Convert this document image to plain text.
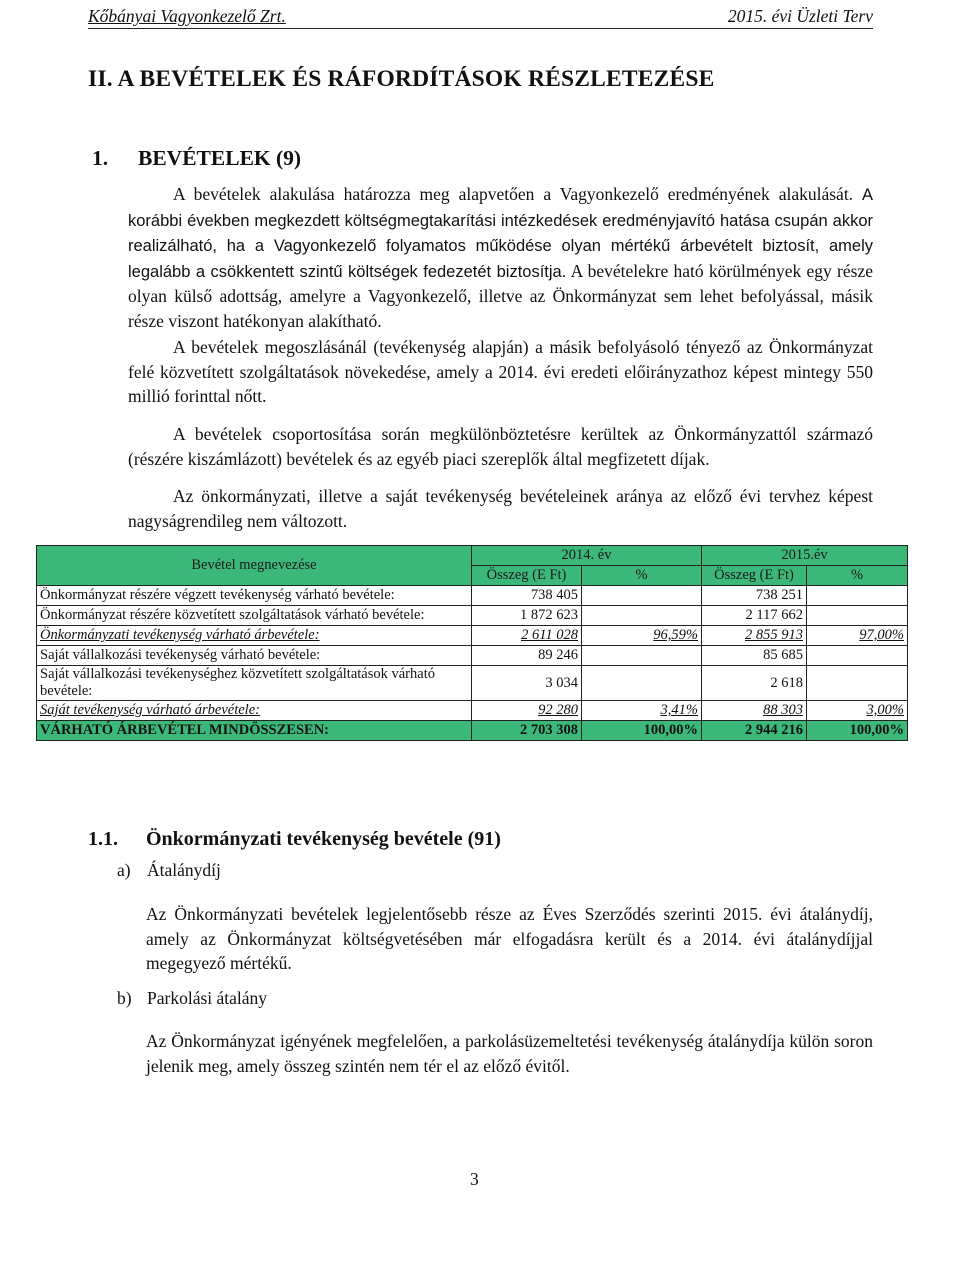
Kőbányai Vagyonkezelő Zrt.	2015. évi Üzleti Terv
II. A BEVÉTELEK ÉS RÁFORDÍTÁSOK RÉSZLETEZÉSE
1. BEVÉTELEK (9)
A bevételek alakulása határozza meg alapvetően a Vagyonkezelő eredményének alakulását. A korábbi években megkezdett költségmegtakarítási intézkedések eredményjavító hatása csupán akkor realizálható, ha a Vagyonkezelő folyamatos működése olyan mértékű árbevételt biztosít, amely legalább a csökkentett szintű költségek fedezetét biztosítja. A bevételekre ható körülmények egy része olyan külső adottság, amelyre a Vagyonkezelő, illetve az Önkormányzat sem lehet befolyással, másik része viszont hatékonyan alakítható.
A bevételek megoszlásánál (tevékenység alapján) a másik befolyásoló tényező az Önkormányzat felé közvetített szolgáltatások növekedése, amely a 2014. évi eredeti előirányzathoz képest mintegy 550 millió forinttal nőtt.
A bevételek csoportosítása során megkülönböztetésre kerültek az Önkormányzattól származó (részére kiszámlázott) bevételek és az egyéb piaci szereplők által megfizetett díjak.
Az önkormányzati, illetve a saját tevékenység bevételeinek aránya az előző évi tervhez képest nagyságrendileg nem változott.
Bevétel megnevezése	2014. év		2015.év	
	Összeg (E Ft)	%	Összeg (E Ft)	%
Önkormányzat részére végzett tevékenység várható bevétele:	738 405		738 251	
Önkormányzat részére közvetített szolgáltatások várható bevétele:	1 872 623		2 117 662	
Önkormányzati tevékenység várható árbevétele:	2 611 028	96,59%	2 855 913	97,00%
Saját vállalkozási tevékenység várható bevétele:	89 246		85 685	
Saját vállalkozási tevékenységhez közvetített szolgáltatások várható bevétele:	3 034		2 618	
Saját tevékenység várható árbevétele:	92 280	3,41%	88 303	3,00%
VÁRHATÓ ÁRBEVÉTEL MINDÖSSZESEN:	2 703 308	100,00%	2 944 216	100,00%
1.1. Önkormányzati tevékenység bevétele (91)
a) Átalánydíj
Az Önkormányzati bevételek legjelentősebb része az Éves Szerződés szerinti 2015. évi átalánydíj, amely az Önkormányzat költségvetésében már elfogadásra került és a 2014. évi átalánydíjjal megegyező mértékű.
b) Parkolási átalány
Az Önkormányzat igényének megfelelően, a parkolásüzemeltetési tevékenység átalánydíja külön soron jelenik meg, amely összeg szintén nem tér el az előző évitől.
3
